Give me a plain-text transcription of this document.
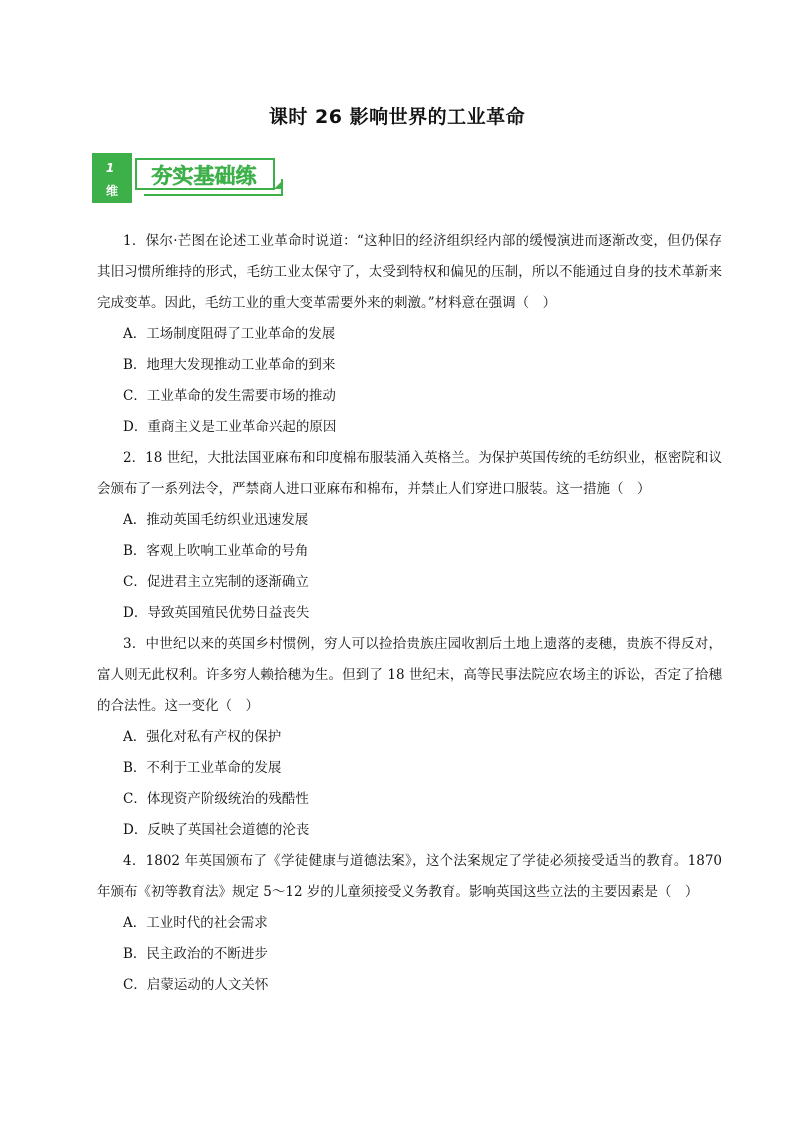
课时 26 影响世界的工业革命
1
维
夯实基础练

1．保尔·芒图在论述工业革命时说道：“这种旧的经济组织经内部的缓慢演进而逐渐改变，但仍保存其旧习惯所维持的形式，毛纺工业太保守了，太受到特权和偏见的压制，所以不能通过自身的技术革新来完成变革。因此，毛纺工业的重大变革需要外来的刺激。”材料意在强调（　）

A．工场制度阻碍了工业革命的发展

B．地理大发现推动工业革命的到来

C．工业革命的发生需要市场的推动

D．重商主义是工业革命兴起的原因

2．18 世纪，大批法国亚麻布和印度棉布服装涌入英格兰。为保护英国传统的毛纺织业，枢密院和议会颁布了一系列法令，严禁商人进口亚麻布和棉布，并禁止人们穿进口服装。这一措施（　）

A．推动英国毛纺织业迅速发展

B．客观上吹响工业革命的号角

C．促进君主立宪制的逐渐确立

D．导致英国殖民优势日益丧失

3．中世纪以来的英国乡村惯例，穷人可以捡拾贵族庄园收割后土地上遗落的麦穗，贵族不得反对，富人则无此权利。许多穷人赖拾穗为生。但到了 18 世纪末，高等民事法院应农场主的诉讼，否定了拾穗的合法性。这一变化（　）

A．强化对私有产权的保护

B．不利于工业革命的发展

C．体现资产阶级统治的残酷性

D．反映了英国社会道德的沦丧

4．1802 年英国颁布了《学徒健康与道德法案》，这个法案规定了学徒必须接受适当的教育。1870 年颁布《初等教育法》规定 5～12 岁的儿童须接受义务教育。影响英国这些立法的主要因素是（　）

A．工业时代的社会需求

B．民主政治的不断进步

C．启蒙运动的人文关怀
